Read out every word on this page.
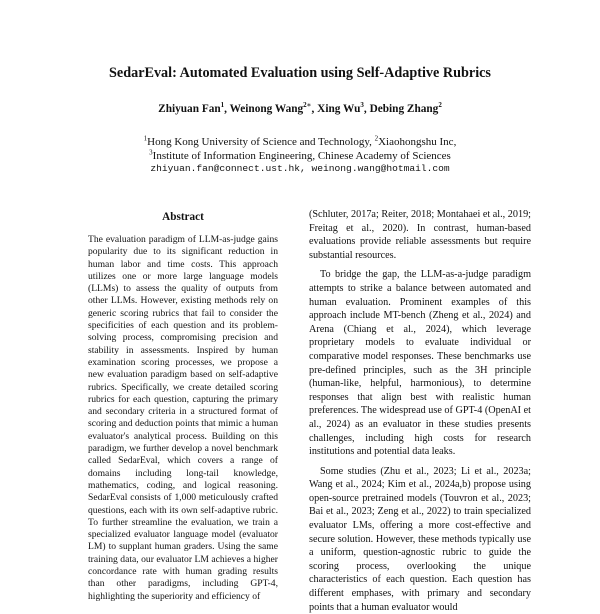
SedarEval: Automated Evaluation using Self-Adaptive Rubrics
Zhiyuan Fan$^1$, Weinong Wang$^{2∗}$, Xing Wu$^3$, Debing Zhang$^2$
$^1$Hong Kong University of Science and Technology, $^2$Xiaohongshu Inc,
$^3$Institute of Information Engineering, Chinese Academy of Sciences
zhiyuan.fan@connect.ust.hk, weinong.wang@hotmail.com
Abstract

The evaluation paradigm of LLM-as-judge gains popularity due to its significant reduction in human labor and time costs. This approach utilizes one or more large language models (LLMs) to assess the quality of outputs from other LLMs. However, existing methods rely on generic scoring rubrics that fail to consider the specificities of each question and its problem-solving process, compromising precision and stability in assessments. Inspired by human examination scoring processes, we propose a new evaluation paradigm based on self-adaptive rubrics. Specifically, we create detailed scoring rubrics for each question, capturing the primary and secondary criteria in a structured format of scoring and deduction points that mimic a human evaluator's analytical process. Building on this paradigm, we further develop a novel benchmark called SedarEval, which covers a range of domains including long-tail knowledge, mathematics, coding, and logical reasoning. SedarEval consists of 1,000 meticulously crafted questions, each with its own self-adaptive rubric. To further streamline the evaluation, we train a specialized evaluator language model (evaluator LM) to supplant human graders. Using the same training data, our evaluator LM achieves a higher concordance rate with human grading results than other paradigms, including GPT-4, highlighting the superiority and efficiency of

(Schluter, 2017a; Reiter, 2018; Montahaei et al., 2019; Freitag et al., 2020). In contrast, human-based evaluations provide reliable assessments but require substantial resources.

To bridge the gap, the LLM-as-a-judge paradigm attempts to strike a balance between automated and human evaluation. Prominent examples of this approach include MT-bench (Zheng et al., 2024) and Arena (Chiang et al., 2024), which leverage proprietary models to evaluate individual or comparative model responses. These benchmarks use pre-defined principles, such as the 3H principle (human-like, helpful, harmonious), to determine responses that align best with realistic human preferences. The widespread use of GPT-4 (OpenAI et al., 2024) as an evaluator in these studies presents challenges, including high costs for research institutions and potential data leaks.

Some studies (Zhu et al., 2023; Li et al., 2023a; Wang et al., 2024; Kim et al., 2024a,b) propose using open-source pretrained models (Touvron et al., 2023; Bai et al., 2023; Zeng et al., 2022) to train specialized evaluator LMs, offering a more cost-effective and secure solution. However, these methods typically use a uniform, question-agnostic rubric to guide the scoring process, overlooking the unique characteristics of each question. Each question has different emphases, with primary and secondary points that a human evaluator would
